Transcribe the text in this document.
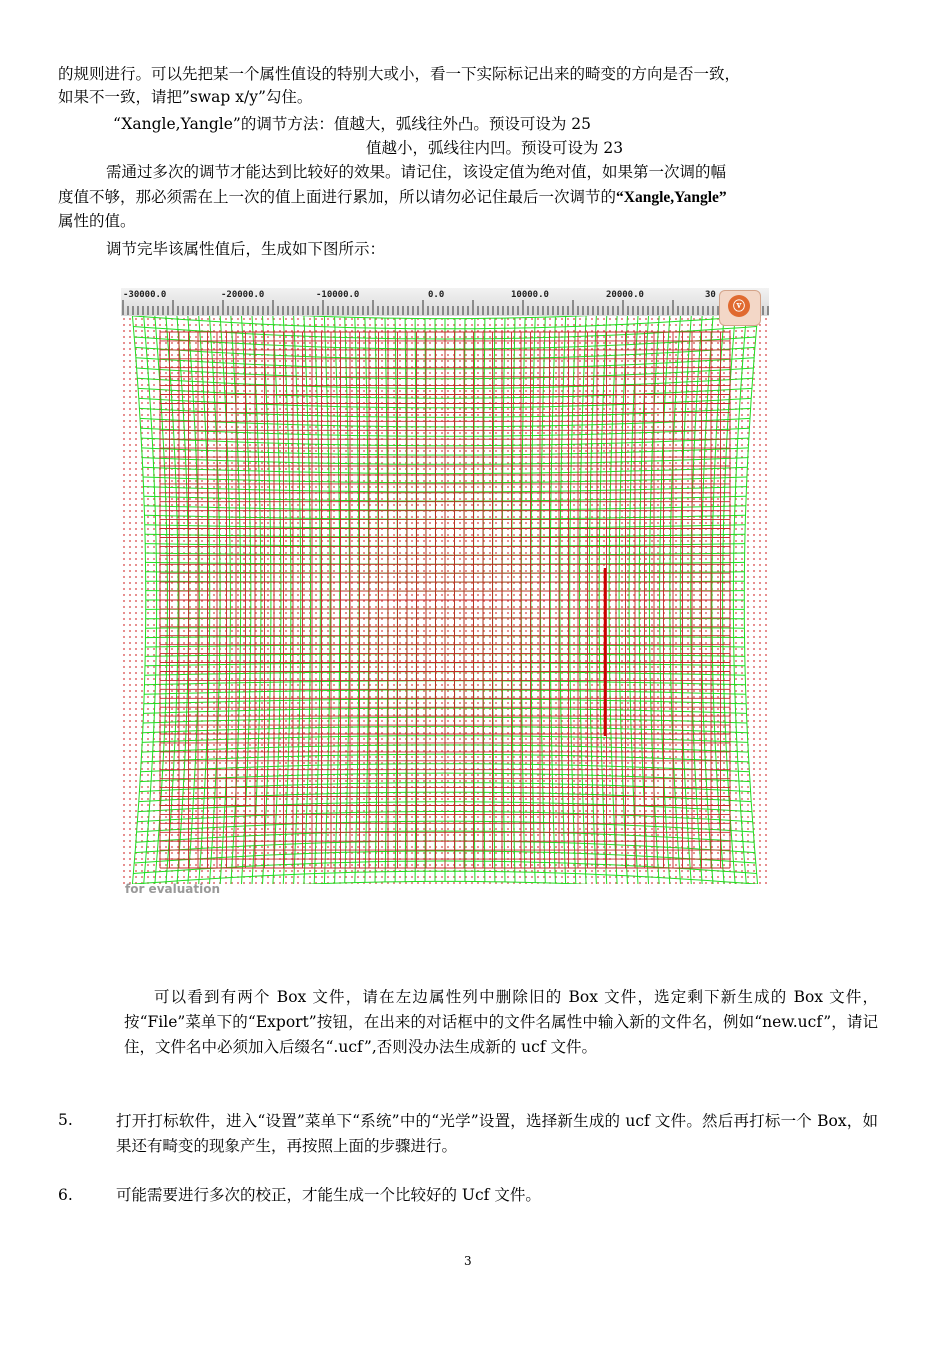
的规则进行。可以先把某一个属性值设的特别大或小，看一下实际标记出来的畸变的方向是否一致，
如果不一致，请把”swap x/y”勾住。
“Xangle,Yangle”的调节方法：值越大，弧线往外凸。预设可设为 25
值越小，弧线往内凹。预设可设为 23
需通过多次的调节才能达到比较好的效果。请记住，该设定值为绝对值，如果第一次调的幅
度值不够，那必须需在上一次的值上面进行累加，所以请勿必记住最后一次调节的“Xangle,Yangle”
属性的值。
调节完毕该属性值后，生成如下图所示：
-30000.0	-20000.0	-10000.0	0.0	10000.0	20000.0	30
ⓥ
for evaluation
可以看到有两个 Box 文件，请在左边属性列中删除旧的 Box 文件，选定剩下新生成的 Box 文件，按“File”菜单下的“Export”按钮，在出来的对话框中的文件名属性中输入新的文件名，例如“new.ucf”，请记住，文件名中必须加入后缀名“.ucf”,否则没办法生成新的 ucf 文件。
5.	打开打标软件，进入“设置”菜单下“系统”中的“光学”设置，选择新生成的 ucf 文件。然后再打标一个 Box，如果还有畸变的现象产生，再按照上面的步骤进行。
6.	可能需要进行多次的校正，才能生成一个比较好的 Ucf 文件。
3
